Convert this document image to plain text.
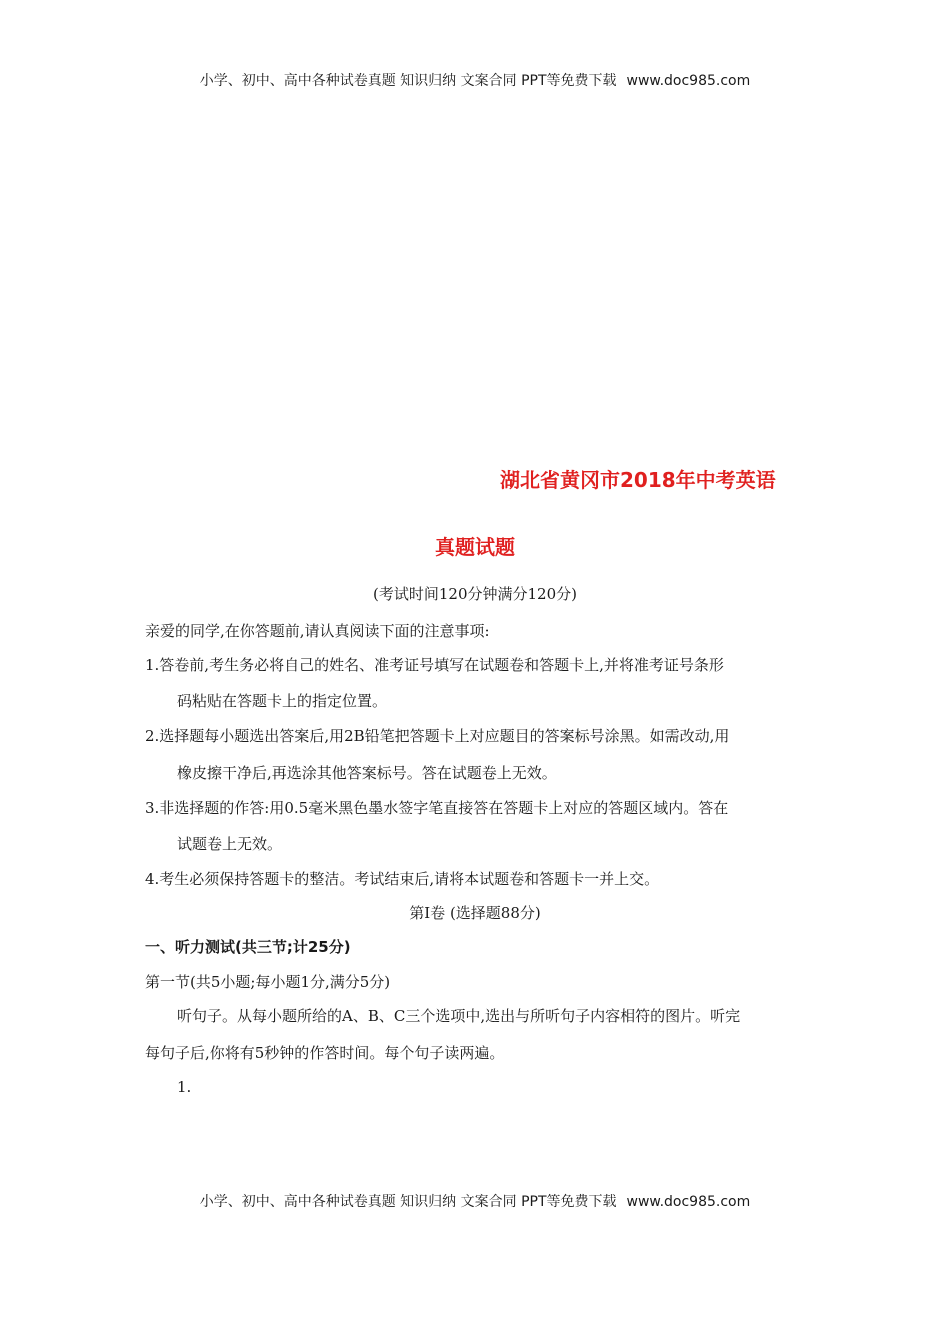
小学、初中、高中各种试卷真题 知识归纳 文案合同 PPT等免费下载 www.doc985.com
湖北省黄冈市2018年中考英语
真题试题
(考试时间120分钟满分120分)
亲爱的同学,在你答题前,请认真阅读下面的注意事项:
1.答卷前,考生务必将自己的姓名、准考证号填写在试题卷和答题卡上,并将准考证号条形
码粘贴在答题卡上的指定位置。
2.选择题每小题选出答案后,用2B铅笔把答题卡上对应题目的答案标号涂黑。如需改动,用
橡皮擦干净后,再选涂其他答案标号。答在试题卷上无效。
3.非选择题的作答:用0.5毫米黑色墨水签字笔直接答在答题卡上对应的答题区域内。答在
试题卷上无效。
4.考生必须保持答题卡的整洁。考试结束后,请将本试题卷和答题卡一并上交。
第Ⅰ卷 (选择题88分)
一、听力测试(共三节;计25分)
第一节(共5小题;每小题1分,满分5分)
听句子。从每小题所给的A、B、C三个选项中,选出与所听句子内容相符的图片。听完
每句子后,你将有5秒钟的作答时间。每个句子读两遍。
1.
小学、初中、高中各种试卷真题 知识归纳 文案合同 PPT等免费下载 www.doc985.com
